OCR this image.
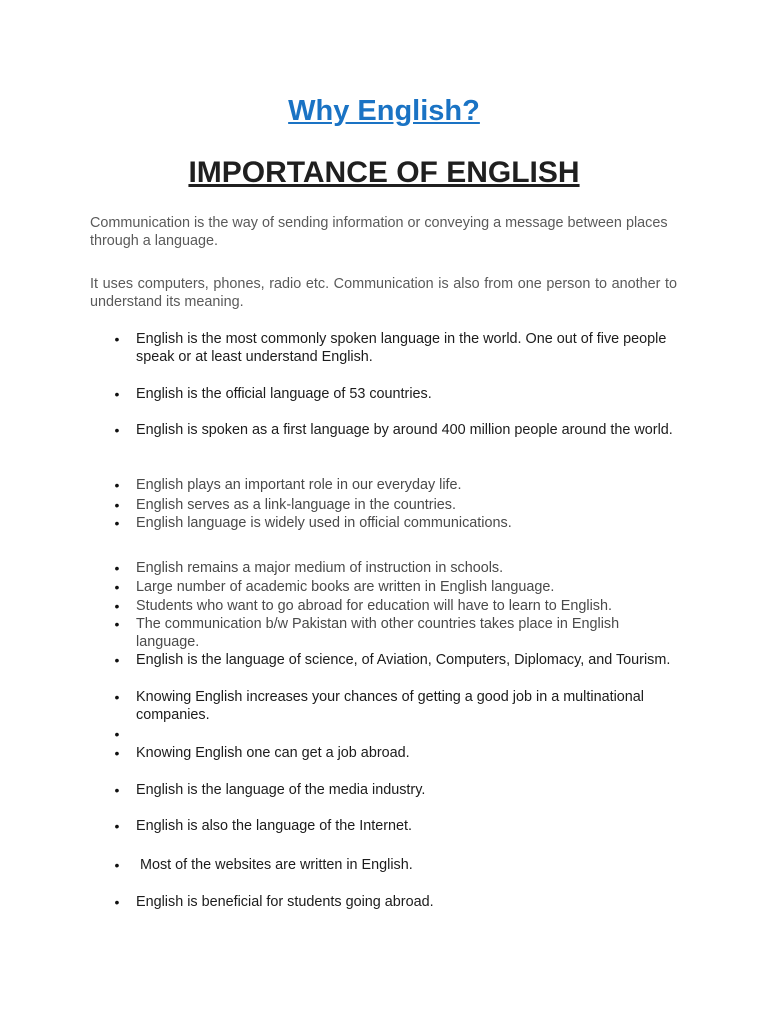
Why English?
IMPORTANCE OF ENGLISH

Communication is the way of sending information or conveying a message between places through a language.

It uses computers, phones, radio etc. Communication is also from one person to another to understand its meaning.

• English is the most commonly spoken language in the world. One out of five people speak or at least understand English.
• English is the official language of 53 countries.
• English is spoken as a first language by around 400 million people around the world.
• English plays an important role in our everyday life.
• English serves as a link-language in the countries.
• English language is widely used in official communications.
• English remains a major medium of instruction in schools.
• Large number of academic books are written in English language.
• Students who want to go abroad for education will have to learn to English.
• The communication b/w Pakistan with other countries takes place in English language.
• English is the language of science, of Aviation, Computers, Diplomacy, and Tourism.
• Knowing English increases your chances of getting a good job in a multinational companies.
•
• Knowing English one can get a job abroad.
• English is the language of the media industry.
• English is also the language of the Internet.
• Most of the websites are written in English.
• English is beneficial for students going abroad.
